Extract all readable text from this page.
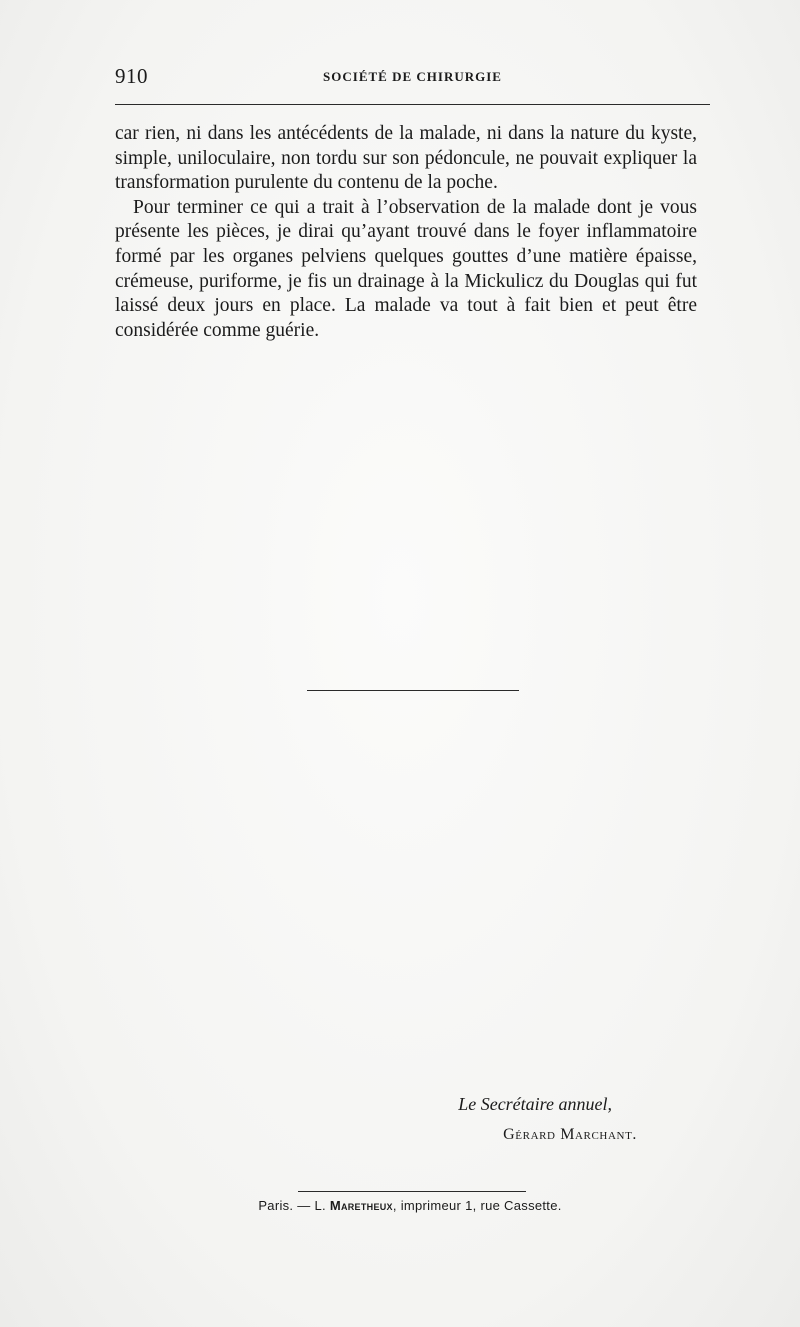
910	SOCIÉTÉ DE CHIRURGIE

car rien, ni dans les antécédents de la malade, ni dans la nature du kyste, simple, uniloculaire, non tordu sur son pédoncule, ne pouvait expliquer la transformation purulente du contenu de la poche.

Pour terminer ce qui a trait à l’observation de la malade dont je vous présente les pièces, je dirai qu’ayant trouvé dans le foyer inflammatoire formé par les organes pelviens quelques gouttes d’une matière épaisse, crémeuse, puriforme, je fis un drainage à la Mickulicz du Douglas qui fut laissé deux jours en place. La malade va tout à fait bien et peut être considérée comme guérie.

Le Secrétaire annuel,
Gérard Marchant.
Paris. — L. Maretheux, imprimeur 1, rue Cassette.
